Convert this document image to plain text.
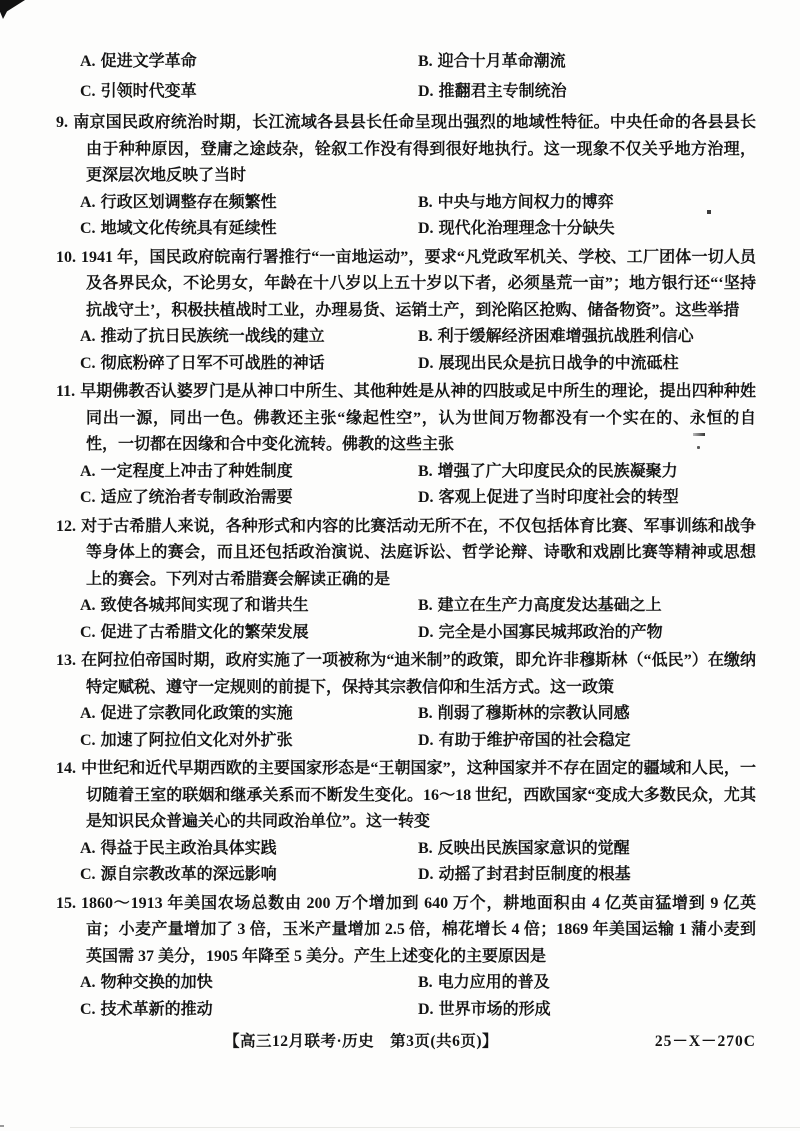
A. 促进文学革命	B. 迎合十月革命潮流
C. 引领时代变革	D. 推翻君主专制统治

9. 南京国民政府统治时期，长江流域各县县长任命呈现出强烈的地域性特征。中央任命的各县县长由于种种原因，登庸之途歧杂，铨叙工作没有得到很好地执行。这一现象不仅关乎地方治理，更深层次地反映了当时

A. 行政区划调整存在频繁性	B. 中央与地方间权力的博弈
C. 地域文化传统具有延续性	D. 现代化治理理念十分缺失

10. 1941 年，国民政府皖南行署推行“一亩地运动”，要求“凡党政军机关、学校、工厂团体一切人员及各界民众，不论男女，年龄在十八岁以上五十岁以下者，必须垦荒一亩”；地方银行还“‘坚持抗战守土’，积极扶植战时工业，办理易货、运销土产，到沦陷区抢购、储备物资”。这些举措

A. 推动了抗日民族统一战线的建立	B. 利于缓解经济困难增强抗战胜利信心
C. 彻底粉碎了日军不可战胜的神话	D. 展现出民众是抗日战争的中流砥柱

11. 早期佛教否认婆罗门是从神口中所生、其他种姓是从神的四肢或足中所生的理论，提出四种种姓同出一源，同出一色。佛教还主张“缘起性空”，认为世间万物都没有一个实在的、永恒的自性，一切都在因缘和合中变化流转。佛教的这些主张

A. 一定程度上冲击了种姓制度	B. 增强了广大印度民众的民族凝聚力
C. 适应了统治者专制政治需要	D. 客观上促进了当时印度社会的转型

12. 对于古希腊人来说，各种形式和内容的比赛活动无所不在，不仅包括体育比赛、军事训练和战争等身体上的赛会，而且还包括政治演说、法庭诉讼、哲学论辩、诗歌和戏剧比赛等精神或思想上的赛会。下列对古希腊赛会解读正确的是

A. 致使各城邦间实现了和谐共生	B. 建立在生产力高度发达基础之上
C. 促进了古希腊文化的繁荣发展	D. 完全是小国寡民城邦政治的产物

13. 在阿拉伯帝国时期，政府实施了一项被称为“迪米制”的政策，即允许非穆斯林（“低民”）在缴纳特定赋税、遵守一定规则的前提下，保持其宗教信仰和生活方式。这一政策

A. 促进了宗教同化政策的实施	B. 削弱了穆斯林的宗教认同感
C. 加速了阿拉伯文化对外扩张	D. 有助于维护帝国的社会稳定

14. 中世纪和近代早期西欧的主要国家形态是“王朝国家”，这种国家并不存在固定的疆域和人民，一切随着王室的联姻和继承关系而不断发生变化。16～18 世纪，西欧国家“变成大多数民众，尤其是知识民众普遍关心的共同政治单位”。这一转变

A. 得益于民主政治具体实践	B. 反映出民族国家意识的觉醒
C. 源自宗教改革的深远影响	D. 动摇了封君封臣制度的根基

15. 1860～1913 年美国农场总数由 200 万个增加到 640 万个，耕地面积由 4 亿英亩猛增到 9 亿英亩；小麦产量增加了 3 倍，玉米产量增加 2.5 倍，棉花增长 4 倍；1869 年美国运输 1 蒲小麦到英国需 37 美分，1905 年降至 5 美分。产生上述变化的主要原因是

A. 物种交换的加快	B. 电力应用的普及
C. 技术革新的推动	D. 世界市场的形成
【高三12月联考·历史　第3页(共6页)】	25－X－270C
